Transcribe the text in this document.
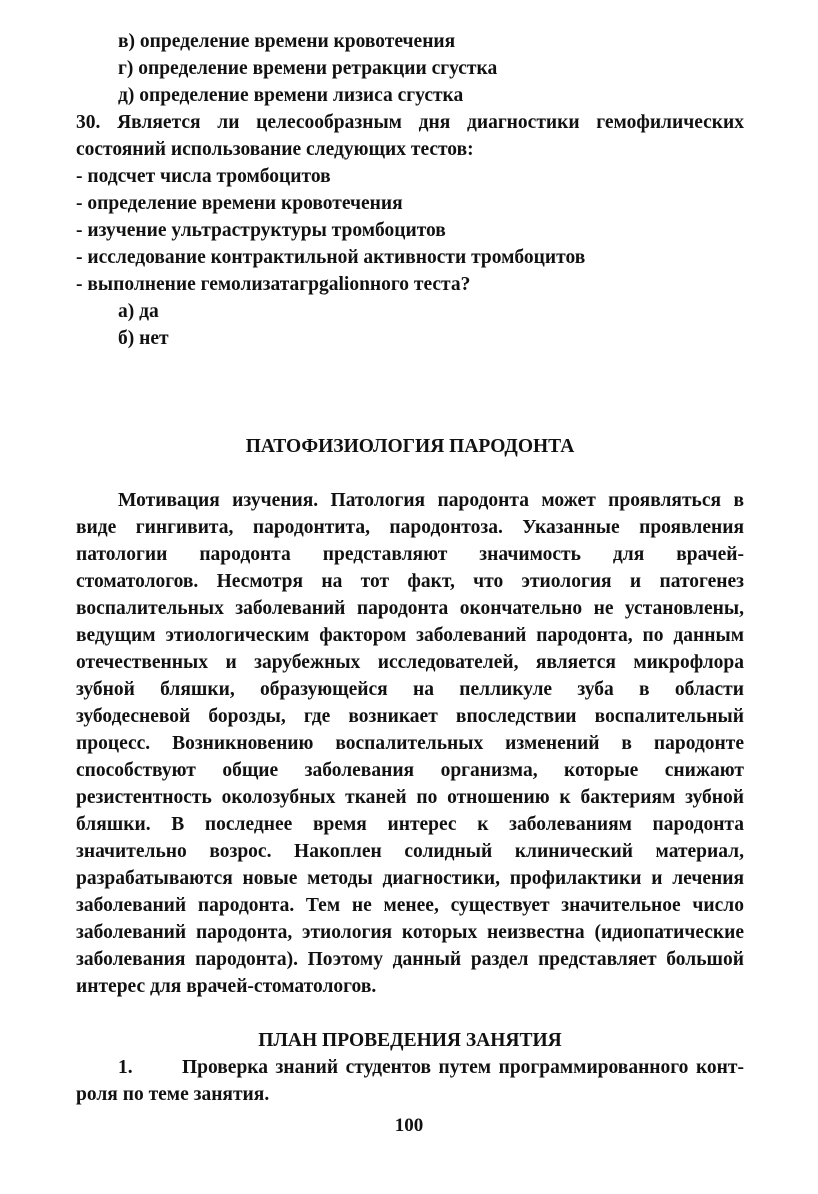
в) определение времени кровотечения
г) определение времени ретракции сгустка
д) определение времени лизиса сгустка
30. Является ли целесообразным дня диагностики гемофилических
состояний использование следующих тестов:
- подсчет числа тромбоцитов
- определение времени кровотечения
- изучение ультраструктуры тромбоцитов
- исследование контрактильной активности тромбоцитов
- выполнение гемолизатагрgalionного теста?
а) да
б) нет
ПАТОФИЗИОЛОГИЯ ПАРОДОНТА
Мотивация изучения. Патология пародонта может проявляться в
виде гингивита, пародонтита, пародонтоза. Указанные проявления
патологии пародонта представляют значимость для врачей-
стоматологов. Несмотря на тот факт, что этиология и патогенез
воспалительных заболеваний пародонта окончательно не установлены,
ведущим этиологическим фактором заболеваний пародонта, по данным
отечественных и зарубежных исследователей, является микрофлора
зубной бляшки, образующейся на пелликуле зуба в области
зубодесневой борозды, где возникает впоследствии воспалительный
процесс. Возникновению воспалительных изменений в пародонте
способствуют общие заболевания организма, которые снижают
резистентность околозубных тканей по отношению к бактериям зубной
бляшки. В последнее время интерес к заболеваниям пародонта
значительно возрос. Накоплен солидный клинический материал,
разрабатываются новые методы диагностики, профилактики и лечения
заболеваний пародонта. Тем не менее, существует значительное число
заболеваний пародонта, этиология которых неизвестна (идиопатические
заболевания пародонта). Поэтому данный раздел представляет большой
интерес для врачей-стоматологов.
ПЛАН ПРОВЕДЕНИЯ ЗАНЯТИЯ
1.	Проверка знаний студентов путем программированного конт-
роля по теме занятия.
100
